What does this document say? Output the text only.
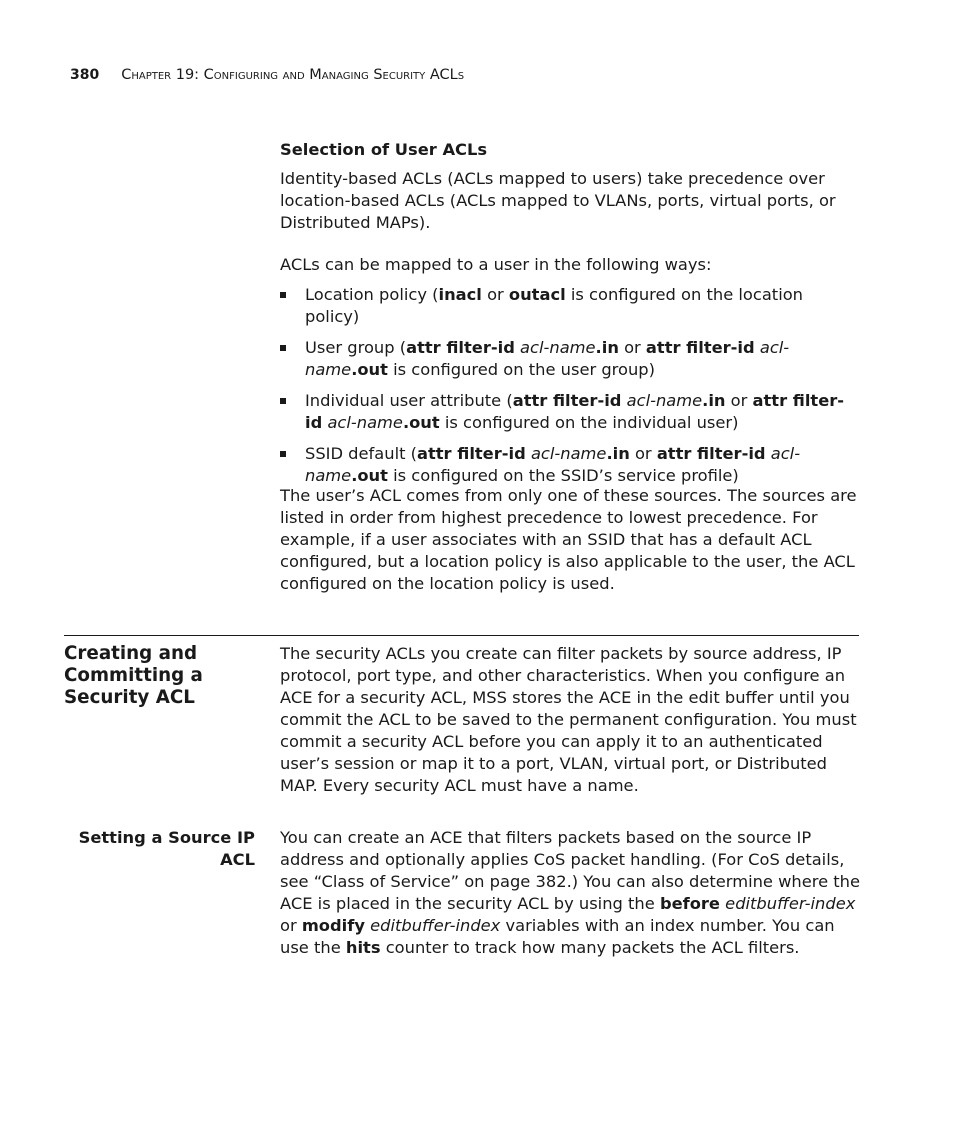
380 Chapter 19: Configuring and Managing Security ACLs
Selection of User ACLs

Identity-based ACLs (ACLs mapped to users) take precedence over location-based ACLs (ACLs mapped to VLANs, ports, virtual ports, or Distributed MAPs).

ACLs can be mapped to a user in the following ways:

Location policy (inacl or outacl is configured on the location policy)
User group (attr filter-id acl-name.in or attr filter-id acl-name.out is configured on the user group)
Individual user attribute (attr filter-id acl-name.in or attr filter-id acl-name.out is configured on the individual user)
SSID default (attr filter-id acl-name.in or attr filter-id acl-name.out is configured on the SSID’s service profile)

The user’s ACL comes from only one of these sources. The sources are listed in order from highest precedence to lowest precedence. For example, if a user associates with an SSID that has a default ACL configured, but a location policy is also applicable to the user, the ACL configured on the location policy is used.

Creating and Committing a Security ACL

The security ACLs you create can filter packets by source address, IP protocol, port type, and other characteristics. When you configure an ACE for a security ACL, MSS stores the ACE in the edit buffer until you commit the ACL to be saved to the permanent configuration. You must commit a security ACL before you can apply it to an authenticated user’s session or map it to a port, VLAN, virtual port, or Distributed MAP. Every security ACL must have a name.

Setting a Source IP ACL

You can create an ACE that filters packets based on the source IP address and optionally applies CoS packet handling. (For CoS details, see “Class of Service” on page 382.) You can also determine where the ACE is placed in the security ACL by using the before editbuffer-index or modify editbuffer-index variables with an index number. You can use the hits counter to track how many packets the ACL filters.
